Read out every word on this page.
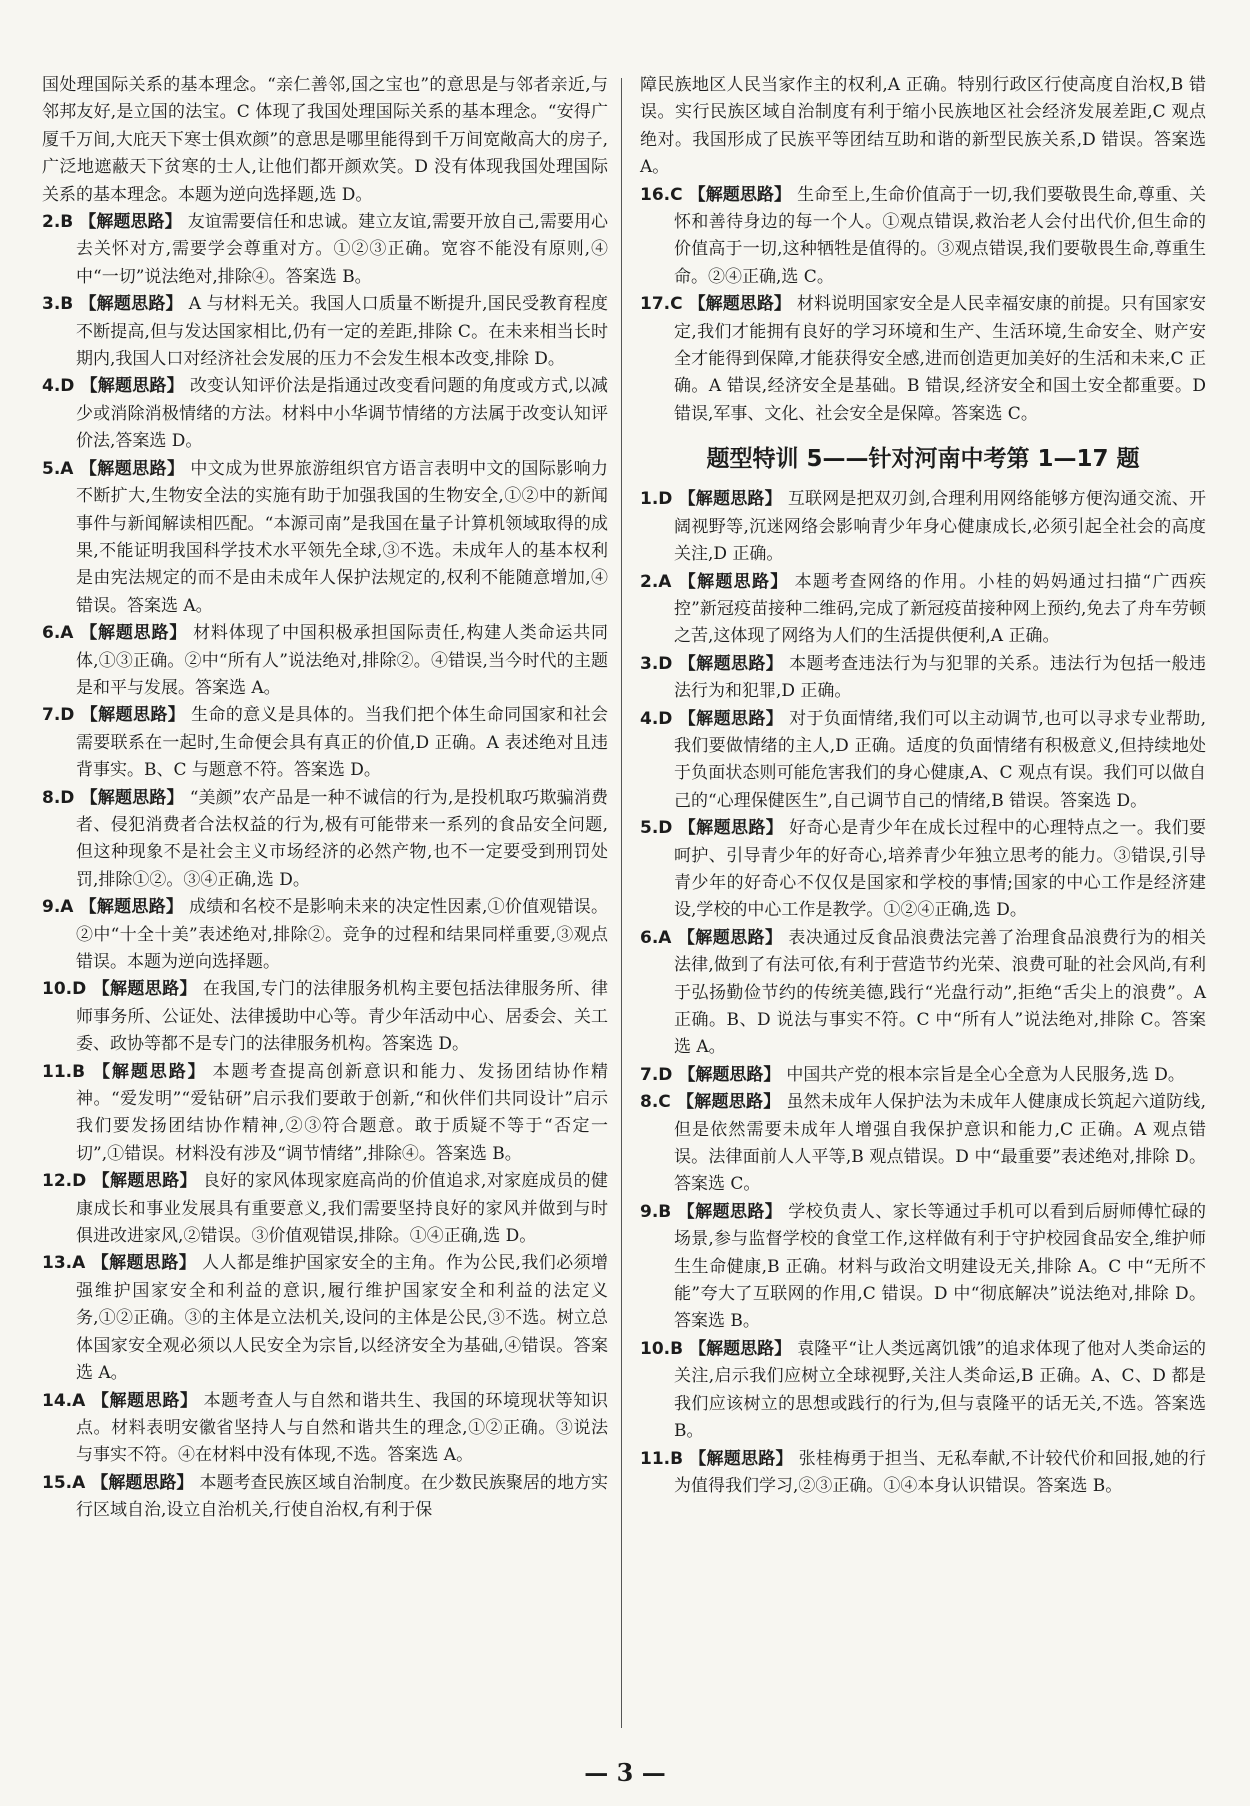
国处理国际关系的基本理念。“亲仁善邻,国之宝也”的意思是与邻者亲近,与邻邦友好,是立国的法宝。C 体现了我国处理国际关系的基本理念。“安得广厦千万间,大庇天下寒士俱欢颜”的意思是哪里能得到千万间宽敞高大的房子,广泛地遮蔽天下贫寒的士人,让他们都开颜欢笑。D 没有体现我国处理国际关系的基本理念。本题为逆向选择题,选 D。

2.B 【解题思路】 友谊需要信任和忠诚。建立友谊,需要开放自己,需要用心去关怀对方,需要学会尊重对方。①②③正确。宽容不能没有原则,④中“一切”说法绝对,排除④。答案选 B。

3.B 【解题思路】 A 与材料无关。我国人口质量不断提升,国民受教育程度不断提高,但与发达国家相比,仍有一定的差距,排除 C。在未来相当长时期内,我国人口对经济社会发展的压力不会发生根本改变,排除 D。

4.D 【解题思路】 改变认知评价法是指通过改变看问题的角度或方式,以减少或消除消极情绪的方法。材料中小华调节情绪的方法属于改变认知评价法,答案选 D。

5.A 【解题思路】 中文成为世界旅游组织官方语言表明中文的国际影响力不断扩大,生物安全法的实施有助于加强我国的生物安全,①②中的新闻事件与新闻解读相匹配。“本源司南”是我国在量子计算机领域取得的成果,不能证明我国科学技术水平领先全球,③不选。未成年人的基本权利是由宪法规定的而不是由未成年人保护法规定的,权利不能随意增加,④错误。答案选 A。

6.A 【解题思路】 材料体现了中国积极承担国际责任,构建人类命运共同体,①③正确。②中“所有人”说法绝对,排除②。④错误,当今时代的主题是和平与发展。答案选 A。

7.D 【解题思路】 生命的意义是具体的。当我们把个体生命同国家和社会需要联系在一起时,生命便会具有真正的价值,D 正确。A 表述绝对且违背事实。B、C 与题意不符。答案选 D。

8.D 【解题思路】 “美颜”农产品是一种不诚信的行为,是投机取巧欺骗消费者、侵犯消费者合法权益的行为,极有可能带来一系列的食品安全问题,但这种现象不是社会主义市场经济的必然产物,也不一定要受到刑罚处罚,排除①②。③④正确,选 D。

9.A 【解题思路】 成绩和名校不是影响未来的决定性因素,①价值观错误。②中“十全十美”表述绝对,排除②。竞争的过程和结果同样重要,③观点错误。本题为逆向选择题。

10.D 【解题思路】 在我国,专门的法律服务机构主要包括法律服务所、律师事务所、公证处、法律援助中心等。青少年活动中心、居委会、关工委、政协等都不是专门的法律服务机构。答案选 D。

11.B 【解题思路】 本题考查提高创新意识和能力、发扬团结协作精神。“爱发明”“爱钻研”启示我们要敢于创新,“和伙伴们共同设计”启示我们要发扬团结协作精神,②③符合题意。敢于质疑不等于“否定一切”,①错误。材料没有涉及“调节情绪”,排除④。答案选 B。

12.D 【解题思路】 良好的家风体现家庭高尚的价值追求,对家庭成员的健康成长和事业发展具有重要意义,我们需要坚持良好的家风并做到与时俱进改进家风,②错误。③价值观错误,排除。①④正确,选 D。

13.A 【解题思路】 人人都是维护国家安全的主角。作为公民,我们必须增强维护国家安全和利益的意识,履行维护国家安全和利益的法定义务,①②正确。③的主体是立法机关,设问的主体是公民,③不选。树立总体国家安全观必须以人民安全为宗旨,以经济安全为基础,④错误。答案选 A。

14.A 【解题思路】 本题考查人与自然和谐共生、我国的环境现状等知识点。材料表明安徽省坚持人与自然和谐共生的理念,①②正确。③说法与事实不符。④在材料中没有体现,不选。答案选 A。

15.A 【解题思路】 本题考查民族区域自治制度。在少数民族聚居的地方实行区域自治,设立自治机关,行使自治权,有利于保

障民族地区人民当家作主的权利,A 正确。特别行政区行使高度自治权,B 错误。实行民族区域自治制度有利于缩小民族地区社会经济发展差距,C 观点绝对。我国形成了民族平等团结互助和谐的新型民族关系,D 错误。答案选 A。

16.C 【解题思路】 生命至上,生命价值高于一切,我们要敬畏生命,尊重、关怀和善待身边的每一个人。①观点错误,救治老人会付出代价,但生命的价值高于一切,这种牺牲是值得的。③观点错误,我们要敬畏生命,尊重生命。②④正确,选 C。

17.C 【解题思路】 材料说明国家安全是人民幸福安康的前提。只有国家安定,我们才能拥有良好的学习环境和生产、生活环境,生命安全、财产安全才能得到保障,才能获得安全感,进而创造更加美好的生活和未来,C 正确。A 错误,经济安全是基础。B 错误,经济安全和国土安全都重要。D 错误,军事、文化、社会安全是保障。答案选 C。

题型特训 5——针对河南中考第 1—17 题

1.D 【解题思路】 互联网是把双刃剑,合理利用网络能够方便沟通交流、开阔视野等,沉迷网络会影响青少年身心健康成长,必须引起全社会的高度关注,D 正确。

2.A 【解题思路】 本题考查网络的作用。小桂的妈妈通过扫描“广西疾控”新冠疫苗接种二维码,完成了新冠疫苗接种网上预约,免去了舟车劳顿之苦,这体现了网络为人们的生活提供便利,A 正确。

3.D 【解题思路】 本题考查违法行为与犯罪的关系。违法行为包括一般违法行为和犯罪,D 正确。

4.D 【解题思路】 对于负面情绪,我们可以主动调节,也可以寻求专业帮助,我们要做情绪的主人,D 正确。适度的负面情绪有积极意义,但持续地处于负面状态则可能危害我们的身心健康,A、C 观点有误。我们可以做自己的“心理保健医生”,自己调节自己的情绪,B 错误。答案选 D。

5.D 【解题思路】 好奇心是青少年在成长过程中的心理特点之一。我们要呵护、引导青少年的好奇心,培养青少年独立思考的能力。③错误,引导青少年的好奇心不仅仅是国家和学校的事情;国家的中心工作是经济建设,学校的中心工作是教学。①②④正确,选 D。

6.A 【解题思路】 表决通过反食品浪费法完善了治理食品浪费行为的相关法律,做到了有法可依,有利于营造节约光荣、浪费可耻的社会风尚,有利于弘扬勤俭节约的传统美德,践行“光盘行动”,拒绝“舌尖上的浪费”。A 正确。B、D 说法与事实不符。C 中“所有人”说法绝对,排除 C。答案选 A。

7.D 【解题思路】 中国共产党的根本宗旨是全心全意为人民服务,选 D。

8.C 【解题思路】 虽然未成年人保护法为未成年人健康成长筑起六道防线,但是依然需要未成年人增强自我保护意识和能力,C 正确。A 观点错误。法律面前人人平等,B 观点错误。D 中“最重要”表述绝对,排除 D。答案选 C。

9.B 【解题思路】 学校负责人、家长等通过手机可以看到后厨师傅忙碌的场景,参与监督学校的食堂工作,这样做有利于守护校园食品安全,维护师生生命健康,B 正确。材料与政治文明建设无关,排除 A。C 中“无所不能”夸大了互联网的作用,C 错误。D 中“彻底解决”说法绝对,排除 D。答案选 B。

10.B 【解题思路】 袁隆平“让人类远离饥饿”的追求体现了他对人类命运的关注,启示我们应树立全球视野,关注人类命运,B 正确。A、C、D 都是我们应该树立的思想或践行的行为,但与袁隆平的话无关,不选。答案选 B。

11.B 【解题思路】 张桂梅勇于担当、无私奉献,不计较代价和回报,她的行为值得我们学习,②③正确。①④本身认识错误。答案选 B。

— 3 —
